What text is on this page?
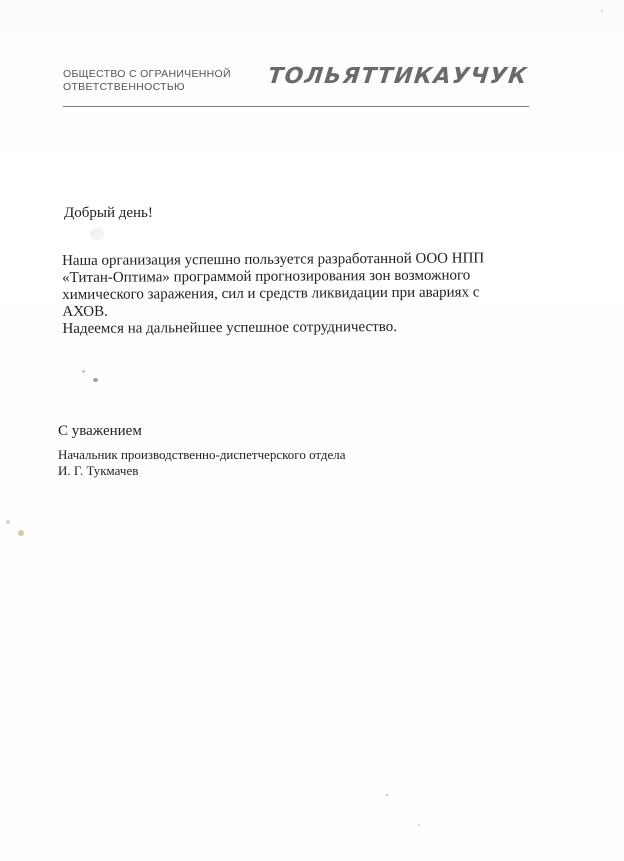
ОБЩЕСТВО С ОГРАНИЧЕННОЙ
ОТВЕТСТВЕННОСТЬЮ	ТОЛЬЯТТИКАУЧУК
Добрый день!

Наша организация успешно пользуется разработанной ООО НПП

«Титан-Оптима» программой прогнозирования зон возможного

химического заражения, сил и средств ликвидации при авариях с

АХОВ.

Надеемся на дальнейшее успешное сотрудничество.

С уважением
Начальник производственно-диспетчерского отдела
И. Г. Тукмачев
